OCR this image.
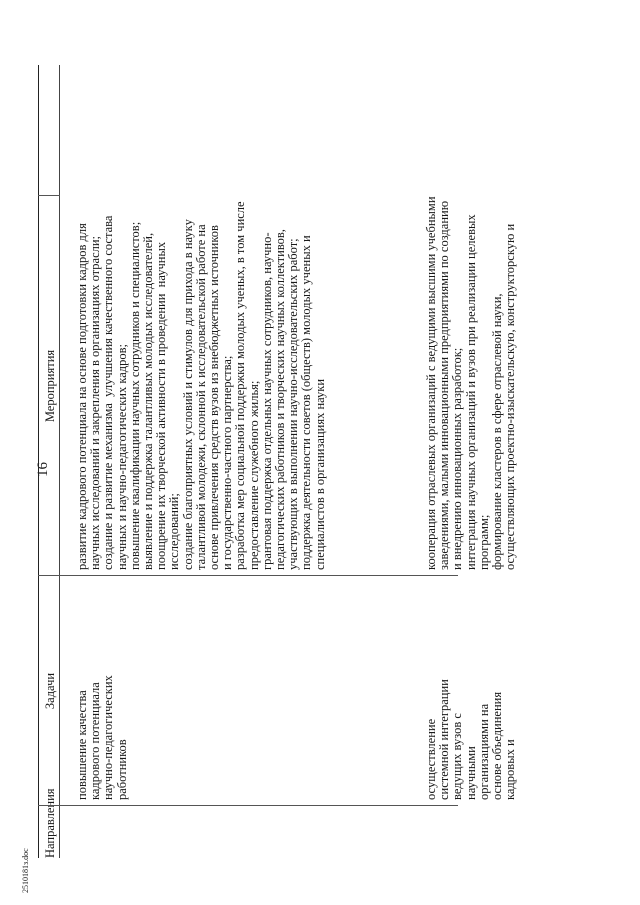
16
Направления
Задачи
Мероприятия
повышение качества
кадрового потенциала
научно-педагогических
работников
развитие кадрового потенциала на основе подготовки кадров для
научных исследований и закрепления в организациях отрасли;
создание и развитие механизма  улучшения качественного состава
научных и научно-педагогических кадров;
повышение квалификации научных сотрудников и специалистов;
выявление и поддержка талантливых молодых исследователей,
поощрение их творческой активности в проведении  научных
исследований;
создание благоприятных условий и стимулов для прихода в науку
талантливой молодежи, склонной к исследовательской работе на
основе привлечения средств вузов из внебюджетных источников
и государственно-частного партнерства;
разработка мер социальной поддержки молодых ученых, в том числе
предоставление служебного жилья;
грантовая поддержка отдельных научных сотрудников, научно-
педагогических работников и творческих научных коллективов,
участвующих в выполнении научно-исследовательских работ;
поддержка деятельности советов (обществ) молодых ученых и
специалистов в организациях науки
осуществление
системной интеграции
ведущих вузов с
научными
организациями на
основе объединения
кадровых и
кооперация отраслевых организаций с ведущими высшими учебными
заведениями, малыми инновационными предприятиями по созданию
и внедрению инновационных разработок;
интеграция научных организаций и вузов при реализации целевых
программ;
формирование кластеров в сфере отраслевой науки,
осуществляющих проектно-изыскательскую, конструкторскую и
2510181з.doc
